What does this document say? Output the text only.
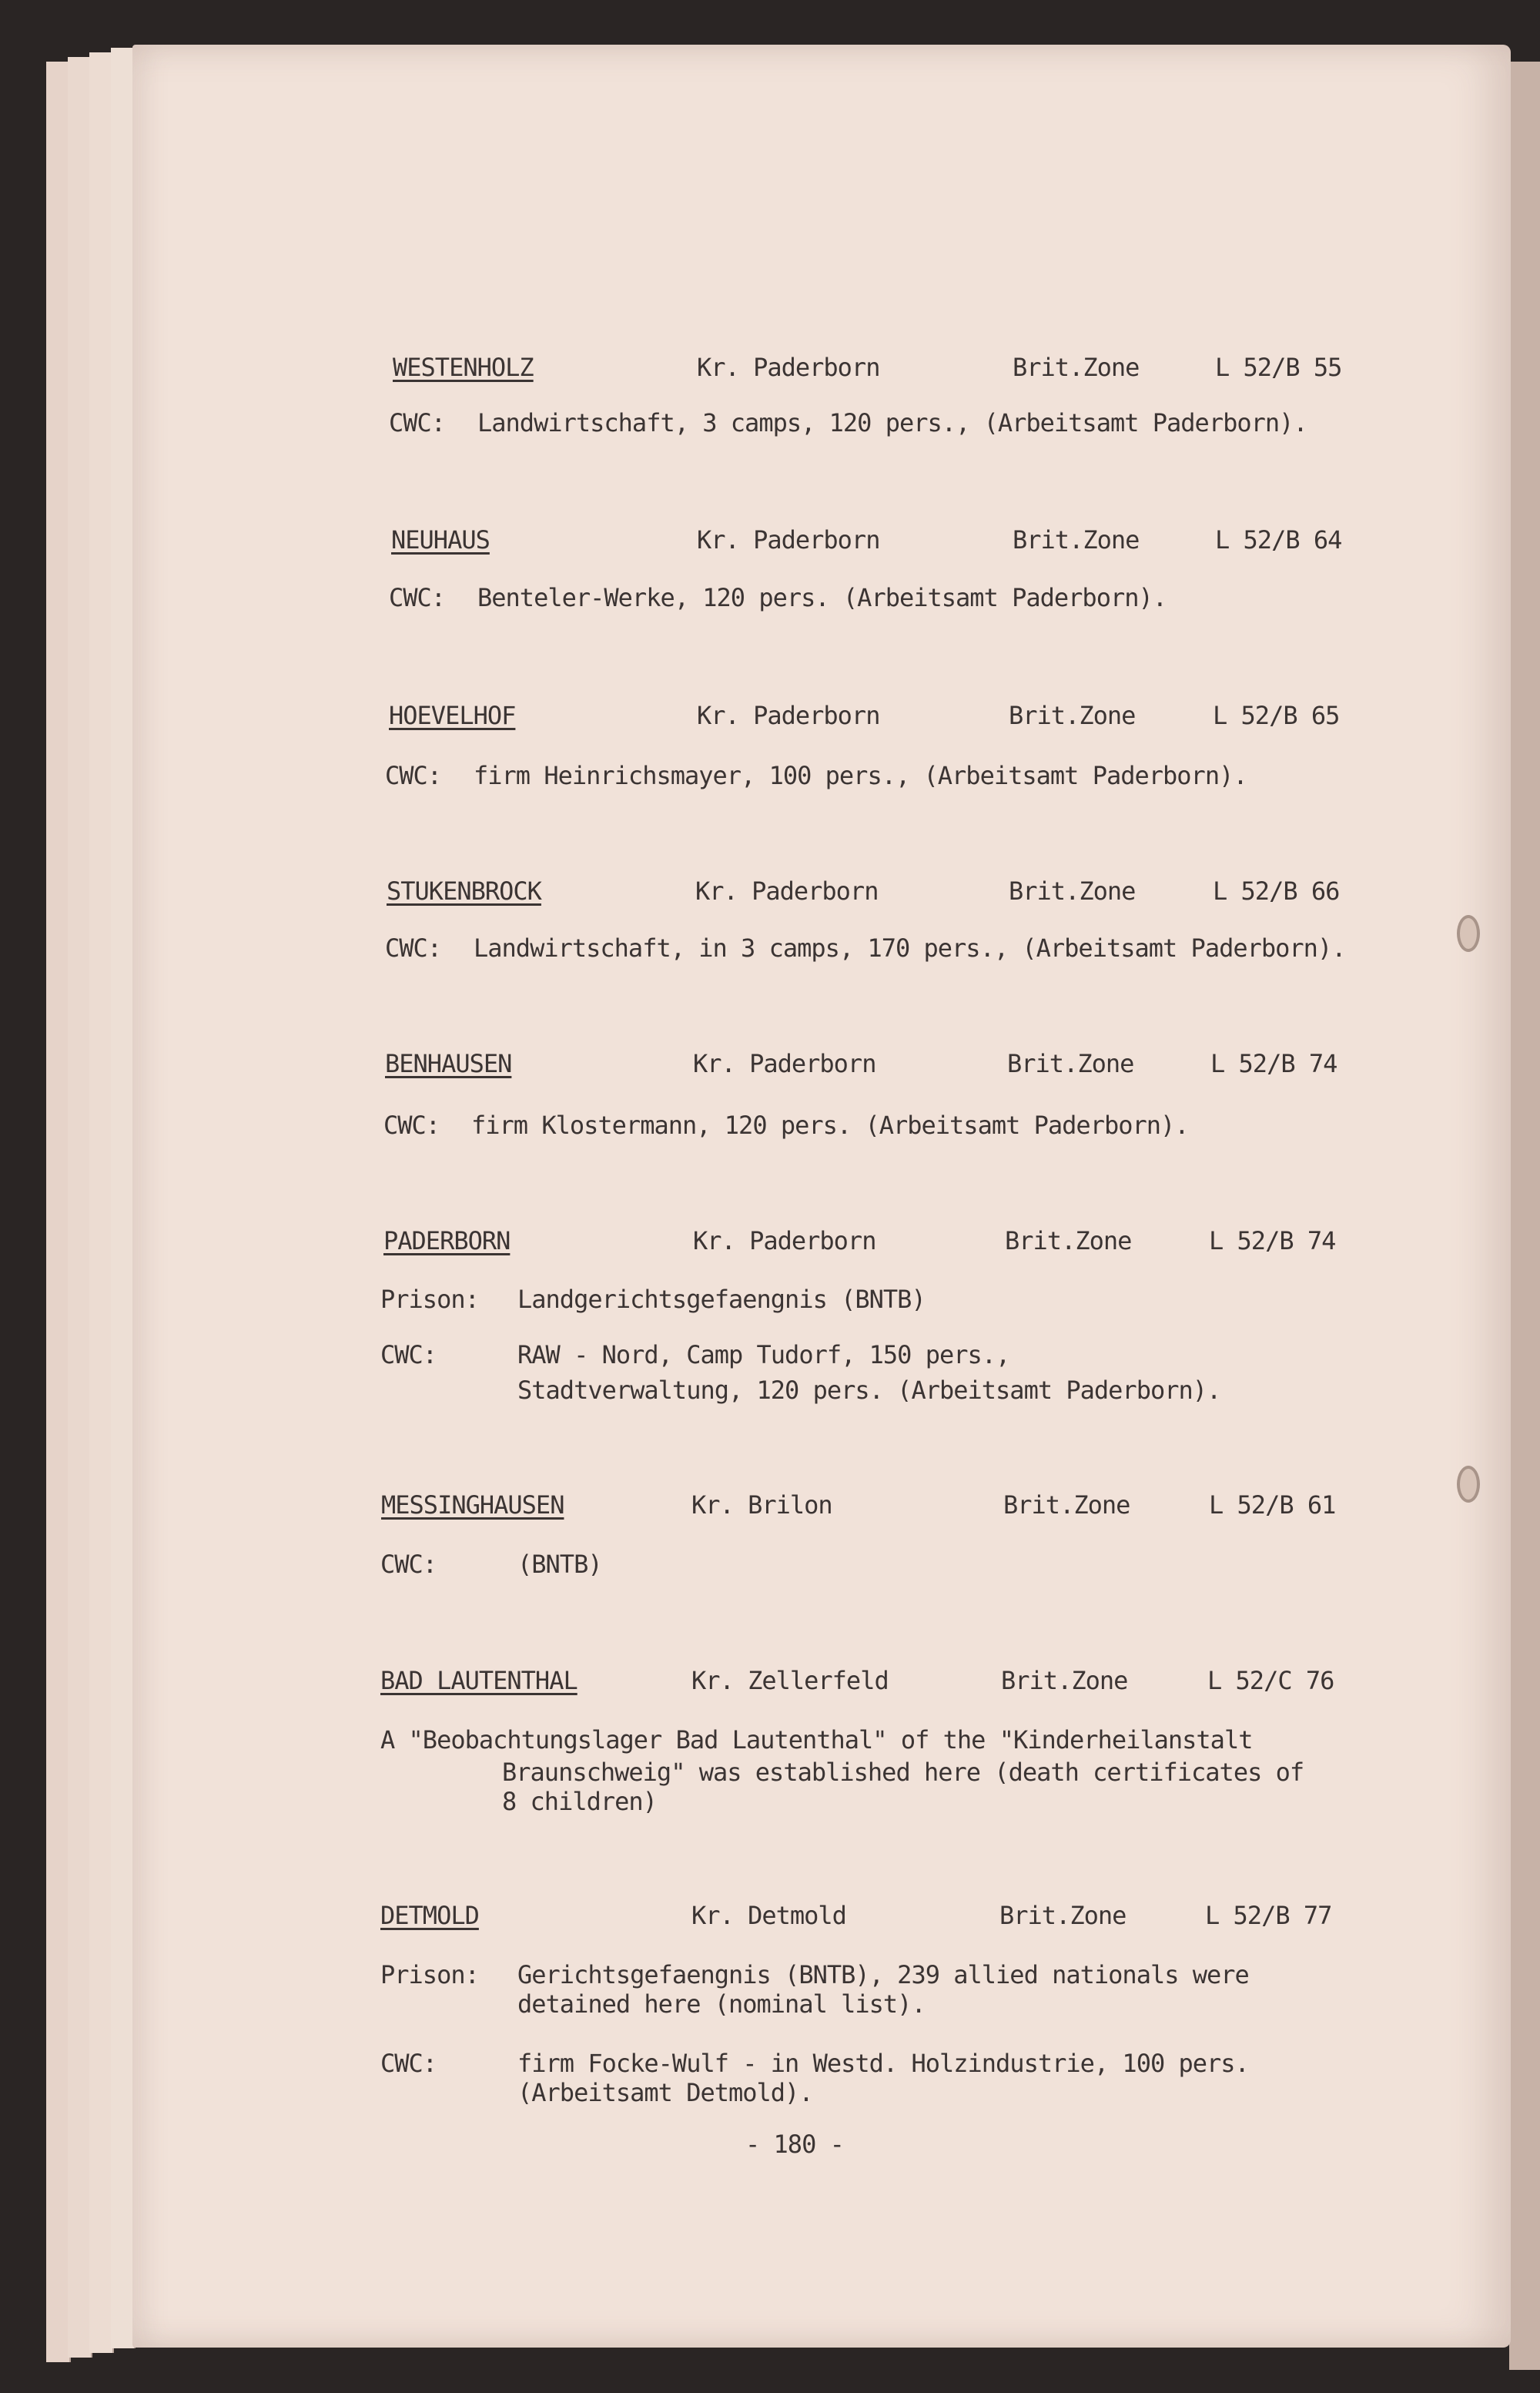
WESTENHOLZ	Kr. Paderborn	Brit.Zone	L 52/B 55
CWC: Landwirtschaft, 3 camps, 120 pers., (Arbeitsamt Paderborn).
NEUHAUS	Kr. Paderborn	Brit.Zone	L 52/B 64
CWC: Benteler-Werke, 120 pers. (Arbeitsamt Paderborn).
HOEVELHOF	Kr. Paderborn	Brit.Zone	L 52/B 65
CWC: firm Heinrichsmayer, 100 pers., (Arbeitsamt Paderborn).
STUKENBROCK	Kr. Paderborn	Brit.Zone	L 52/B 66
CWC: Landwirtschaft, in 3 camps, 170 pers., (Arbeitsamt Paderborn).
BENHAUSEN	Kr. Paderborn	Brit.Zone	L 52/B 74
CWC: firm Klostermann, 120 pers. (Arbeitsamt Paderborn).
PADERBORN	Kr. Paderborn	Brit.Zone	L 52/B 74
Prison: Landgerichtsgefaengnis (BNTB)
CWC:	RAW - Nord, Camp Tudorf, 150 pers.,
Stadtverwaltung, 120 pers. (Arbeitsamt Paderborn).
MESSINGHAUSEN	Kr. Brilon	Brit.Zone	L 52/B 61
CWC:	(BNTB)
BAD LAUTENTHAL	Kr. Zellerfeld	Brit.Zone	L 52/C 76
A "Beobachtungslager Bad Lautenthal" of the "Kinderheilanstalt
Braunschweig" was established here (death certificates of
8 children)
DETMOLD	Kr. Detmold	Brit.Zone	L 52/B 77
Prison: Gerichtsgefaengnis (BNTB), 239 allied nationals were
detained here (nominal list).
CWC:	firm Focke-Wulf - in Westd. Holzindustrie, 100 pers.
(Arbeitsamt Detmold).
- 180 -
